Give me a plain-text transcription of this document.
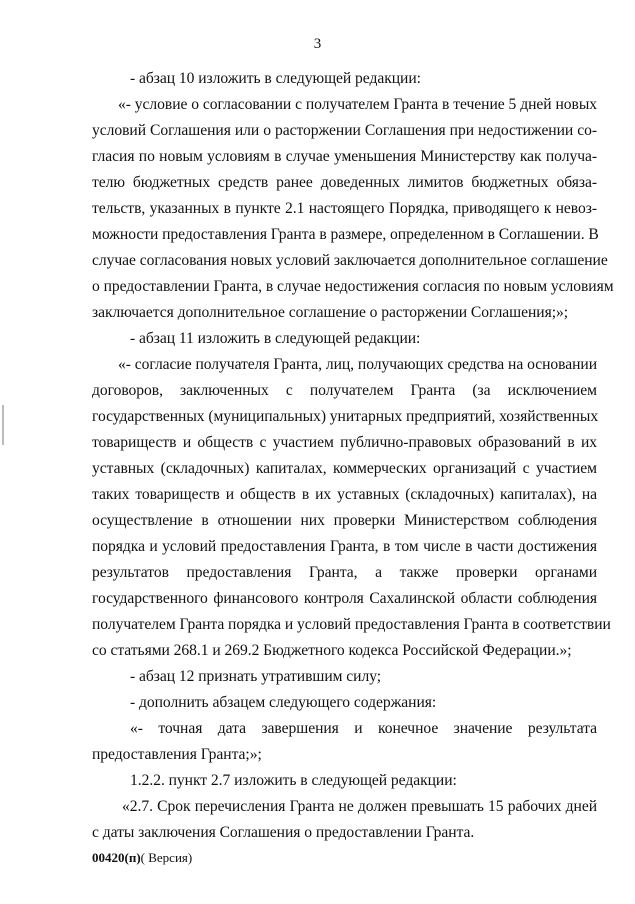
3
- абзац 10 изложить в следующей редакции:
«- условие о согласовании с получателем Гранта в течение 5 дней новых
условий Соглашения или о расторжении Соглашения при недостижении со-
гласия по новым условиям в случае уменьшения Министерству как получа-
телю бюджетных средств ранее доведенных лимитов бюджетных обяза-
тельств, указанных в пункте 2.1 настоящего Порядка, приводящего к невоз-
можности предоставления Гранта в размере, определенном в Соглашении. В
случае согласования новых условий заключается дополнительное соглашение
о предоставлении Гранта, в случае недостижения согласия по новым условиям
заключается дополнительное соглашение о расторжении Соглашения;»;
- абзац 11 изложить в следующей редакции:
«- согласие получателя Гранта, лиц, получающих средства на основании
договоров, заключенных с получателем Гранта (за исключением
государственных (муниципальных) унитарных предприятий, хозяйственных
товариществ и обществ с участием публично-правовых образований в их
уставных (складочных) капиталах, коммерческих организаций с участием
таких товариществ и обществ в их уставных (складочных) капиталах), на
осуществление в отношении них проверки Министерством соблюдения
порядка и условий предоставления Гранта, в том числе в части достижения
результатов предоставления Гранта, а также проверки органами
государственного финансового контроля Сахалинской области соблюдения
получателем Гранта порядка и условий предоставления Гранта в соответствии
со статьями 268.1 и 269.2 Бюджетного кодекса Российской Федерации.»;
- абзац 12 признать утратившим силу;
- дополнить абзацем следующего содержания:
«- точная дата завершения и конечное значение результата
предоставления Гранта;»;
1.2.2. пункт 2.7 изложить в следующей редакции:
«2.7. Срок перечисления Гранта не должен превышать 15 рабочих дней
с даты заключения Соглашения о предоставлении Гранта.
00420(п)( Версия)
